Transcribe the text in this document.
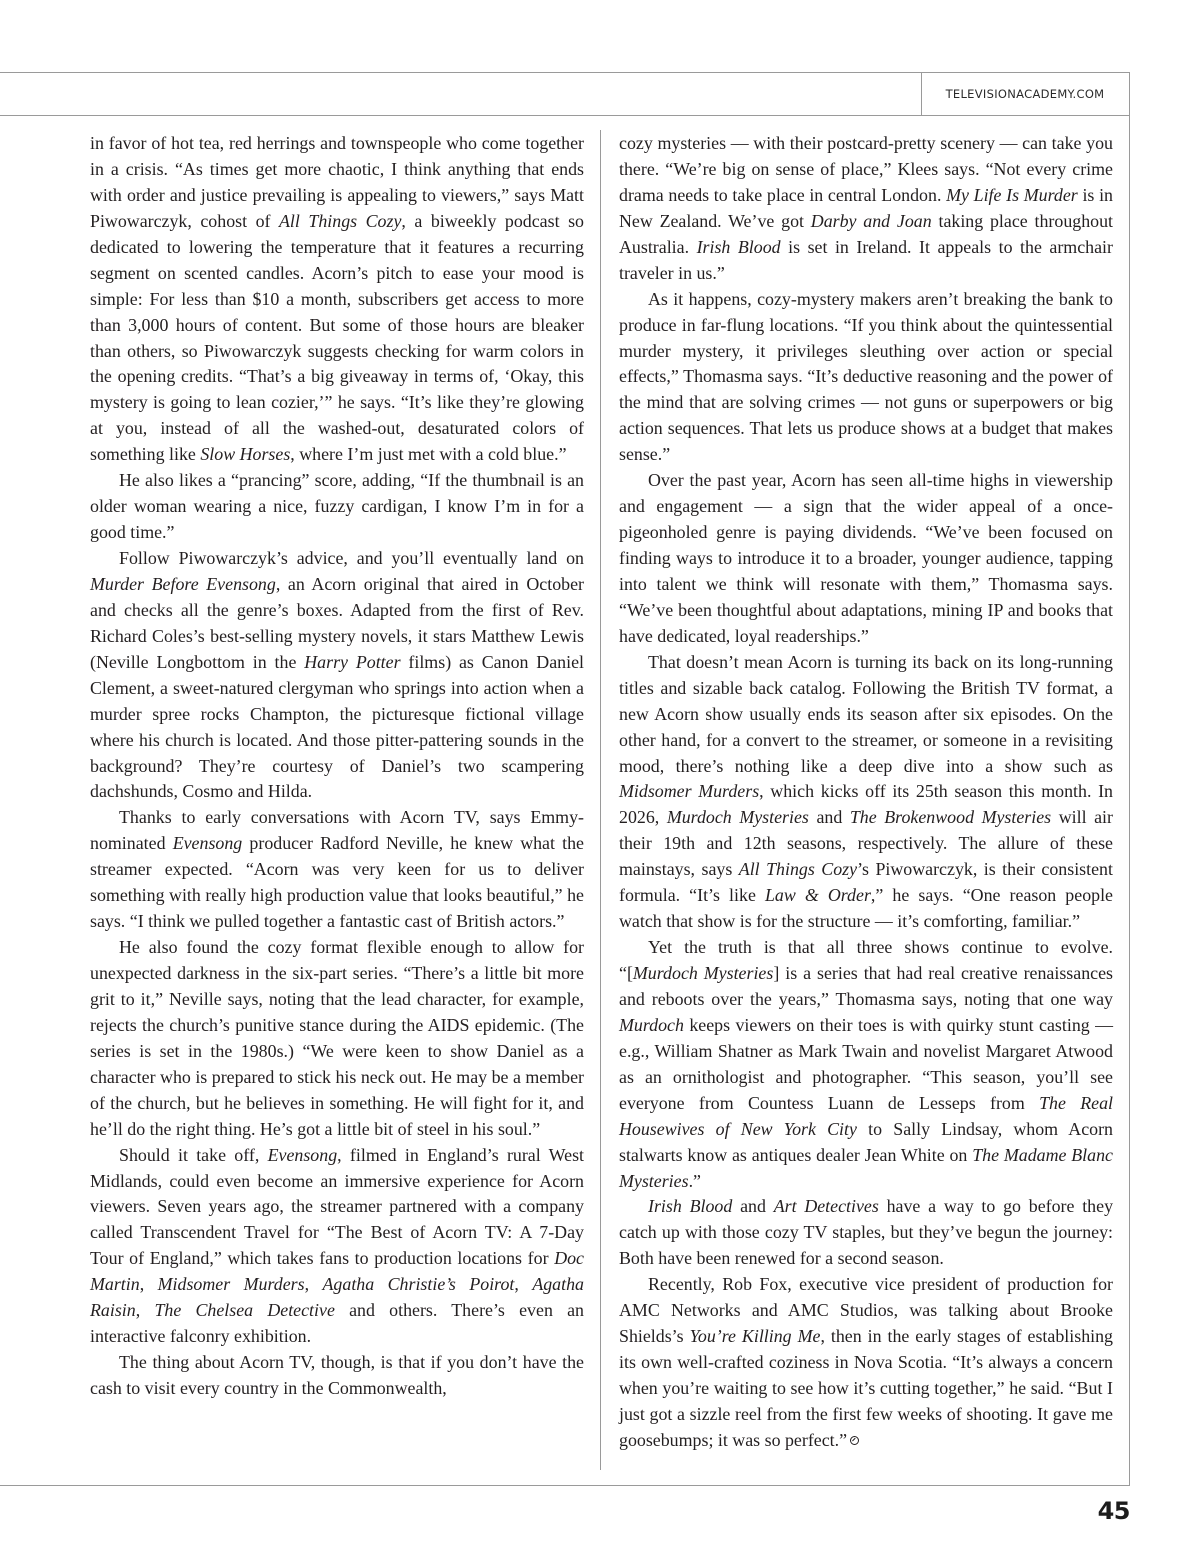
TELEVISIONACADEMY.COM

in favor of hot tea, red herrings and townspeople who come together in a crisis. “As times get more chaotic, I think anything that ends with order and justice prevailing is appealing to viewers,” says Matt Piwowarczyk, cohost of All Things Cozy, a biweekly podcast so dedicated to lowering the temperature that it features a recurring segment on scented candles. Acorn’s pitch to ease your mood is simple: For less than $10 a month, subscribers get access to more than 3,000 hours of content. But some of those hours are bleaker than others, so Piwowarczyk suggests checking for warm colors in the opening credits. “That’s a big giveaway in terms of, ‘Okay, this mystery is going to lean cozier,’” he says. “It’s like they’re glowing at you, instead of all the washed-out, desaturated colors of something like Slow Horses, where I’m just met with a cold blue.”

He also likes a “prancing” score, adding, “If the thumbnail is an older woman wearing a nice, fuzzy cardigan, I know I’m in for a good time.”

Follow Piwowarczyk’s advice, and you’ll eventually land on Murder Before Evensong, an Acorn original that aired in October and checks all the genre’s boxes. Adapted from the first of Rev. Richard Coles’s best-selling mystery novels, it stars Matthew Lewis (Neville Longbottom in the Harry Potter films) as Canon Daniel Clement, a sweet-natured clergyman who springs into action when a murder spree rocks Champton, the picturesque fictional village where his church is located. And those pitter-pattering sounds in the background? They’re courtesy of Daniel’s two scampering dachshunds, Cosmo and Hilda.

Thanks to early conversations with Acorn TV, says Emmy-nominated Evensong producer Radford Neville, he knew what the streamer expected. “Acorn was very keen for us to deliver something with really high production value that looks beautiful,” he says. “I think we pulled together a fantastic cast of British actors.”

He also found the cozy format flexible enough to allow for unexpected darkness in the six-part series. “There’s a little bit more grit to it,” Neville says, noting that the lead character, for example, rejects the church’s punitive stance during the AIDS epidemic. (The series is set in the 1980s.) “We were keen to show Daniel as a character who is prepared to stick his neck out. He may be a member of the church, but he believes in something. He will fight for it, and he’ll do the right thing. He’s got a little bit of steel in his soul.”

Should it take off, Evensong, filmed in England’s rural West Midlands, could even become an immersive experience for Acorn viewers. Seven years ago, the streamer partnered with a company called Transcendent Travel for “The Best of Acorn TV: A 7-Day Tour of England,” which takes fans to production locations for Doc Martin, Midsomer Murders, Agatha Christie’s Poirot, Agatha Raisin, The Chelsea Detective and others. There’s even an interactive falconry exhibition.

The thing about Acorn TV, though, is that if you don’t have the cash to visit every country in the Commonwealth,

cozy mysteries — with their postcard-pretty scenery — can take you there. “We’re big on sense of place,” Klees says. “Not every crime drama needs to take place in central London. My Life Is Murder is in New Zealand. We’ve got Darby and Joan taking place throughout Australia. Irish Blood is set in Ireland. It appeals to the armchair traveler in us.”

As it happens, cozy-mystery makers aren’t breaking the bank to produce in far-flung locations. “If you think about the quintessential murder mystery, it privileges sleuthing over action or special effects,” Thomasma says. “It’s deductive reasoning and the power of the mind that are solving crimes — not guns or superpowers or big action sequences. That lets us produce shows at a budget that makes sense.”

Over the past year, Acorn has seen all-time highs in viewership and engagement — a sign that the wider appeal of a once-pigeonholed genre is paying dividends. “We’ve been focused on finding ways to introduce it to a broader, younger audience, tapping into talent we think will resonate with them,” Thomasma says. “We’ve been thoughtful about adaptations, mining IP and books that have dedicated, loyal readerships.”

That doesn’t mean Acorn is turning its back on its long-running titles and sizable back catalog. Following the British TV format, a new Acorn show usually ends its season after six episodes. On the other hand, for a convert to the streamer, or someone in a revisiting mood, there’s nothing like a deep dive into a show such as Midsomer Murders, which kicks off its 25th season this month. In 2026, Murdoch Mysteries and The Brokenwood Mysteries will air their 19th and 12th seasons, respectively. The allure of these mainstays, says All Things Cozy’s Piwowarczyk, is their consistent formula. “It’s like Law & Order,” he says. “One reason people watch that show is for the structure — it’s comforting, familiar.”

Yet the truth is that all three shows continue to evolve. “[Murdoch Mysteries] is a series that had real creative renaissances and reboots over the years,” Thomasma says, noting that one way Murdoch keeps viewers on their toes is with quirky stunt casting — e.g., William Shatner as Mark Twain and novelist Margaret Atwood as an ornithologist and photographer. “This season, you’ll see everyone from Countess Luann de Lesseps from The Real Housewives of New York City to Sally Lindsay, whom Acorn stalwarts know as antiques dealer Jean White on The Madame Blanc Mysteries.”

Irish Blood and Art Detectives have a way to go before they catch up with those cozy TV staples, but they’ve begun the journey: Both have been renewed for a second season.

Recently, Rob Fox, executive vice president of production for AMC Networks and AMC Studios, was talking about Brooke Shields’s You’re Killing Me, then in the early stages of establishing its own well-crafted coziness in Nova Scotia. “It’s always a concern when you’re waiting to see how it’s cutting together,” he said. “But I just got a sizzle reel from the first few weeks of shooting. It gave me goosebumps; it was so perfect.”

45
